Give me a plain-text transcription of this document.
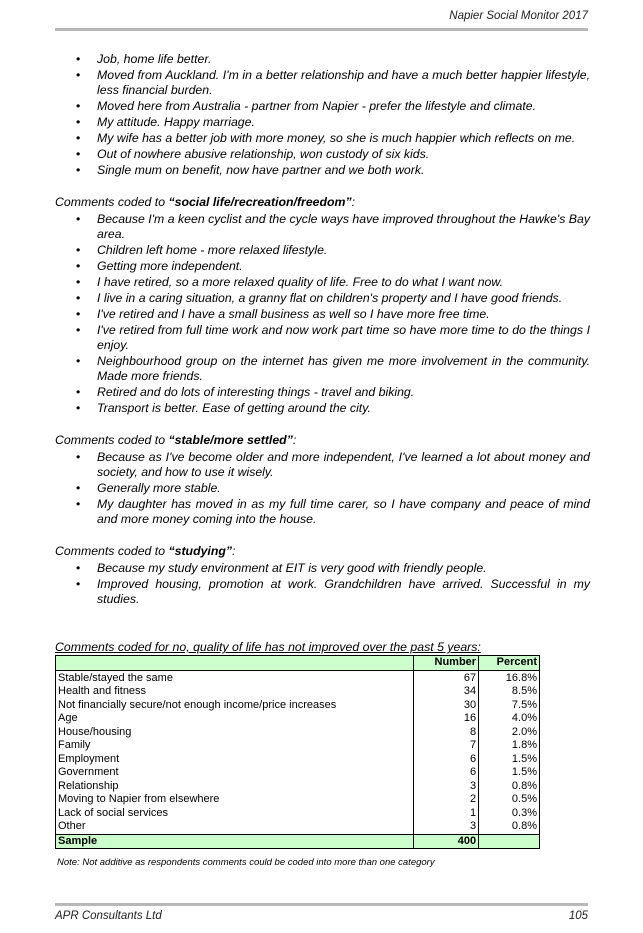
Napier Social Monitor 2017
• Job, home life better.
• Moved from Auckland. I'm in a better relationship and have a much better happier lifestyle, less financial burden.
• Moved here from Australia - partner from Napier - prefer the lifestyle and climate.
• My attitude. Happy marriage.
• My wife has a better job with more money, so she is much happier which reflects on me.
• Out of nowhere abusive relationship, won custody of six kids.
• Single mum on benefit, now have partner and we both work.
Comments coded to “social life/recreation/freedom”:
• Because I'm a keen cyclist and the cycle ways have improved throughout the Hawke's Bay area.
• Children left home - more relaxed lifestyle.
• Getting more independent.
• I have retired, so a more relaxed quality of life. Free to do what I want now.
• I live in a caring situation, a granny flat on children's property and I have good friends.
• I've retired and I have a small business as well so I have more free time.
• I've retired from full time work and now work part time so have more time to do the things I enjoy.
• Neighbourhood group on the internet has given me more involvement in the community. Made more friends.
• Retired and do lots of interesting things - travel and biking.
• Transport is better. Ease of getting around the city.
Comments coded to “stable/more settled”:
• Because as I've become older and more independent, I've learned a lot about money and society, and how to use it wisely.
• Generally more stable.
• My daughter has moved in as my full time carer, so I have company and peace of mind and more money coming into the house.
Comments coded to “studying”:
• Because my study environment at EIT is very good with friendly people.
• Improved housing, promotion at work. Grandchildren have arrived. Successful in my studies.
Comments coded for no, quality of life has not improved over the past 5 years:
	Number	Percent
Stable/stayed the same	67	16.8%
Health and fitness	34	8.5%
Not financially secure/not enough income/price increases	30	7.5%
Age	16	4.0%
House/housing	8	2.0%
Family	7	1.8%
Employment	6	1.5%
Government	6	1.5%
Relationship	3	0.8%
Moving to Napier from elsewhere	2	0.5%
Lack of social services	1	0.3%
Other	3	0.8%
Sample	400	
Note: Not additive as respondents comments could be coded into more than one category
APR Consultants Ltd	105
